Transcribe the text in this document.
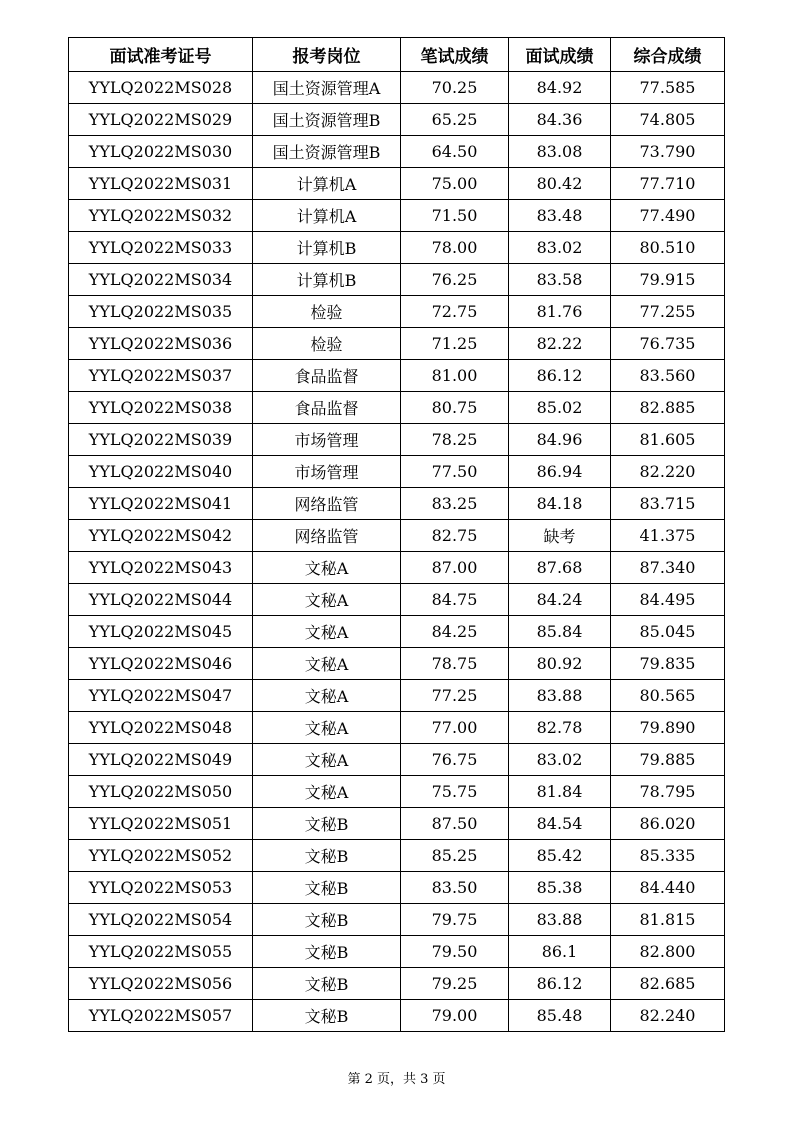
面试准考证号	报考岗位	笔试成绩	面试成绩	综合成绩
YYLQ2022MS028	国土资源管理A	70.25	84.92	77.585
YYLQ2022MS029	国土资源管理B	65.25	84.36	74.805
YYLQ2022MS030	国土资源管理B	64.50	83.08	73.790
YYLQ2022MS031	计算机A	75.00	80.42	77.710
YYLQ2022MS032	计算机A	71.50	83.48	77.490
YYLQ2022MS033	计算机B	78.00	83.02	80.510
YYLQ2022MS034	计算机B	76.25	83.58	79.915
YYLQ2022MS035	检验	72.75	81.76	77.255
YYLQ2022MS036	检验	71.25	82.22	76.735
YYLQ2022MS037	食品监督	81.00	86.12	83.560
YYLQ2022MS038	食品监督	80.75	85.02	82.885
YYLQ2022MS039	市场管理	78.25	84.96	81.605
YYLQ2022MS040	市场管理	77.50	86.94	82.220
YYLQ2022MS041	网络监管	83.25	84.18	83.715
YYLQ2022MS042	网络监管	82.75	缺考	41.375
YYLQ2022MS043	文秘A	87.00	87.68	87.340
YYLQ2022MS044	文秘A	84.75	84.24	84.495
YYLQ2022MS045	文秘A	84.25	85.84	85.045
YYLQ2022MS046	文秘A	78.75	80.92	79.835
YYLQ2022MS047	文秘A	77.25	83.88	80.565
YYLQ2022MS048	文秘A	77.00	82.78	79.890
YYLQ2022MS049	文秘A	76.75	83.02	79.885
YYLQ2022MS050	文秘A	75.75	81.84	78.795
YYLQ2022MS051	文秘B	87.50	84.54	86.020
YYLQ2022MS052	文秘B	85.25	85.42	85.335
YYLQ2022MS053	文秘B	83.50	85.38	84.440
YYLQ2022MS054	文秘B	79.75	83.88	81.815
YYLQ2022MS055	文秘B	79.50	86.1	82.800
YYLQ2022MS056	文秘B	79.25	86.12	82.685
YYLQ2022MS057	文秘B	79.00	85.48	82.240
第 2 页，共 3 页
